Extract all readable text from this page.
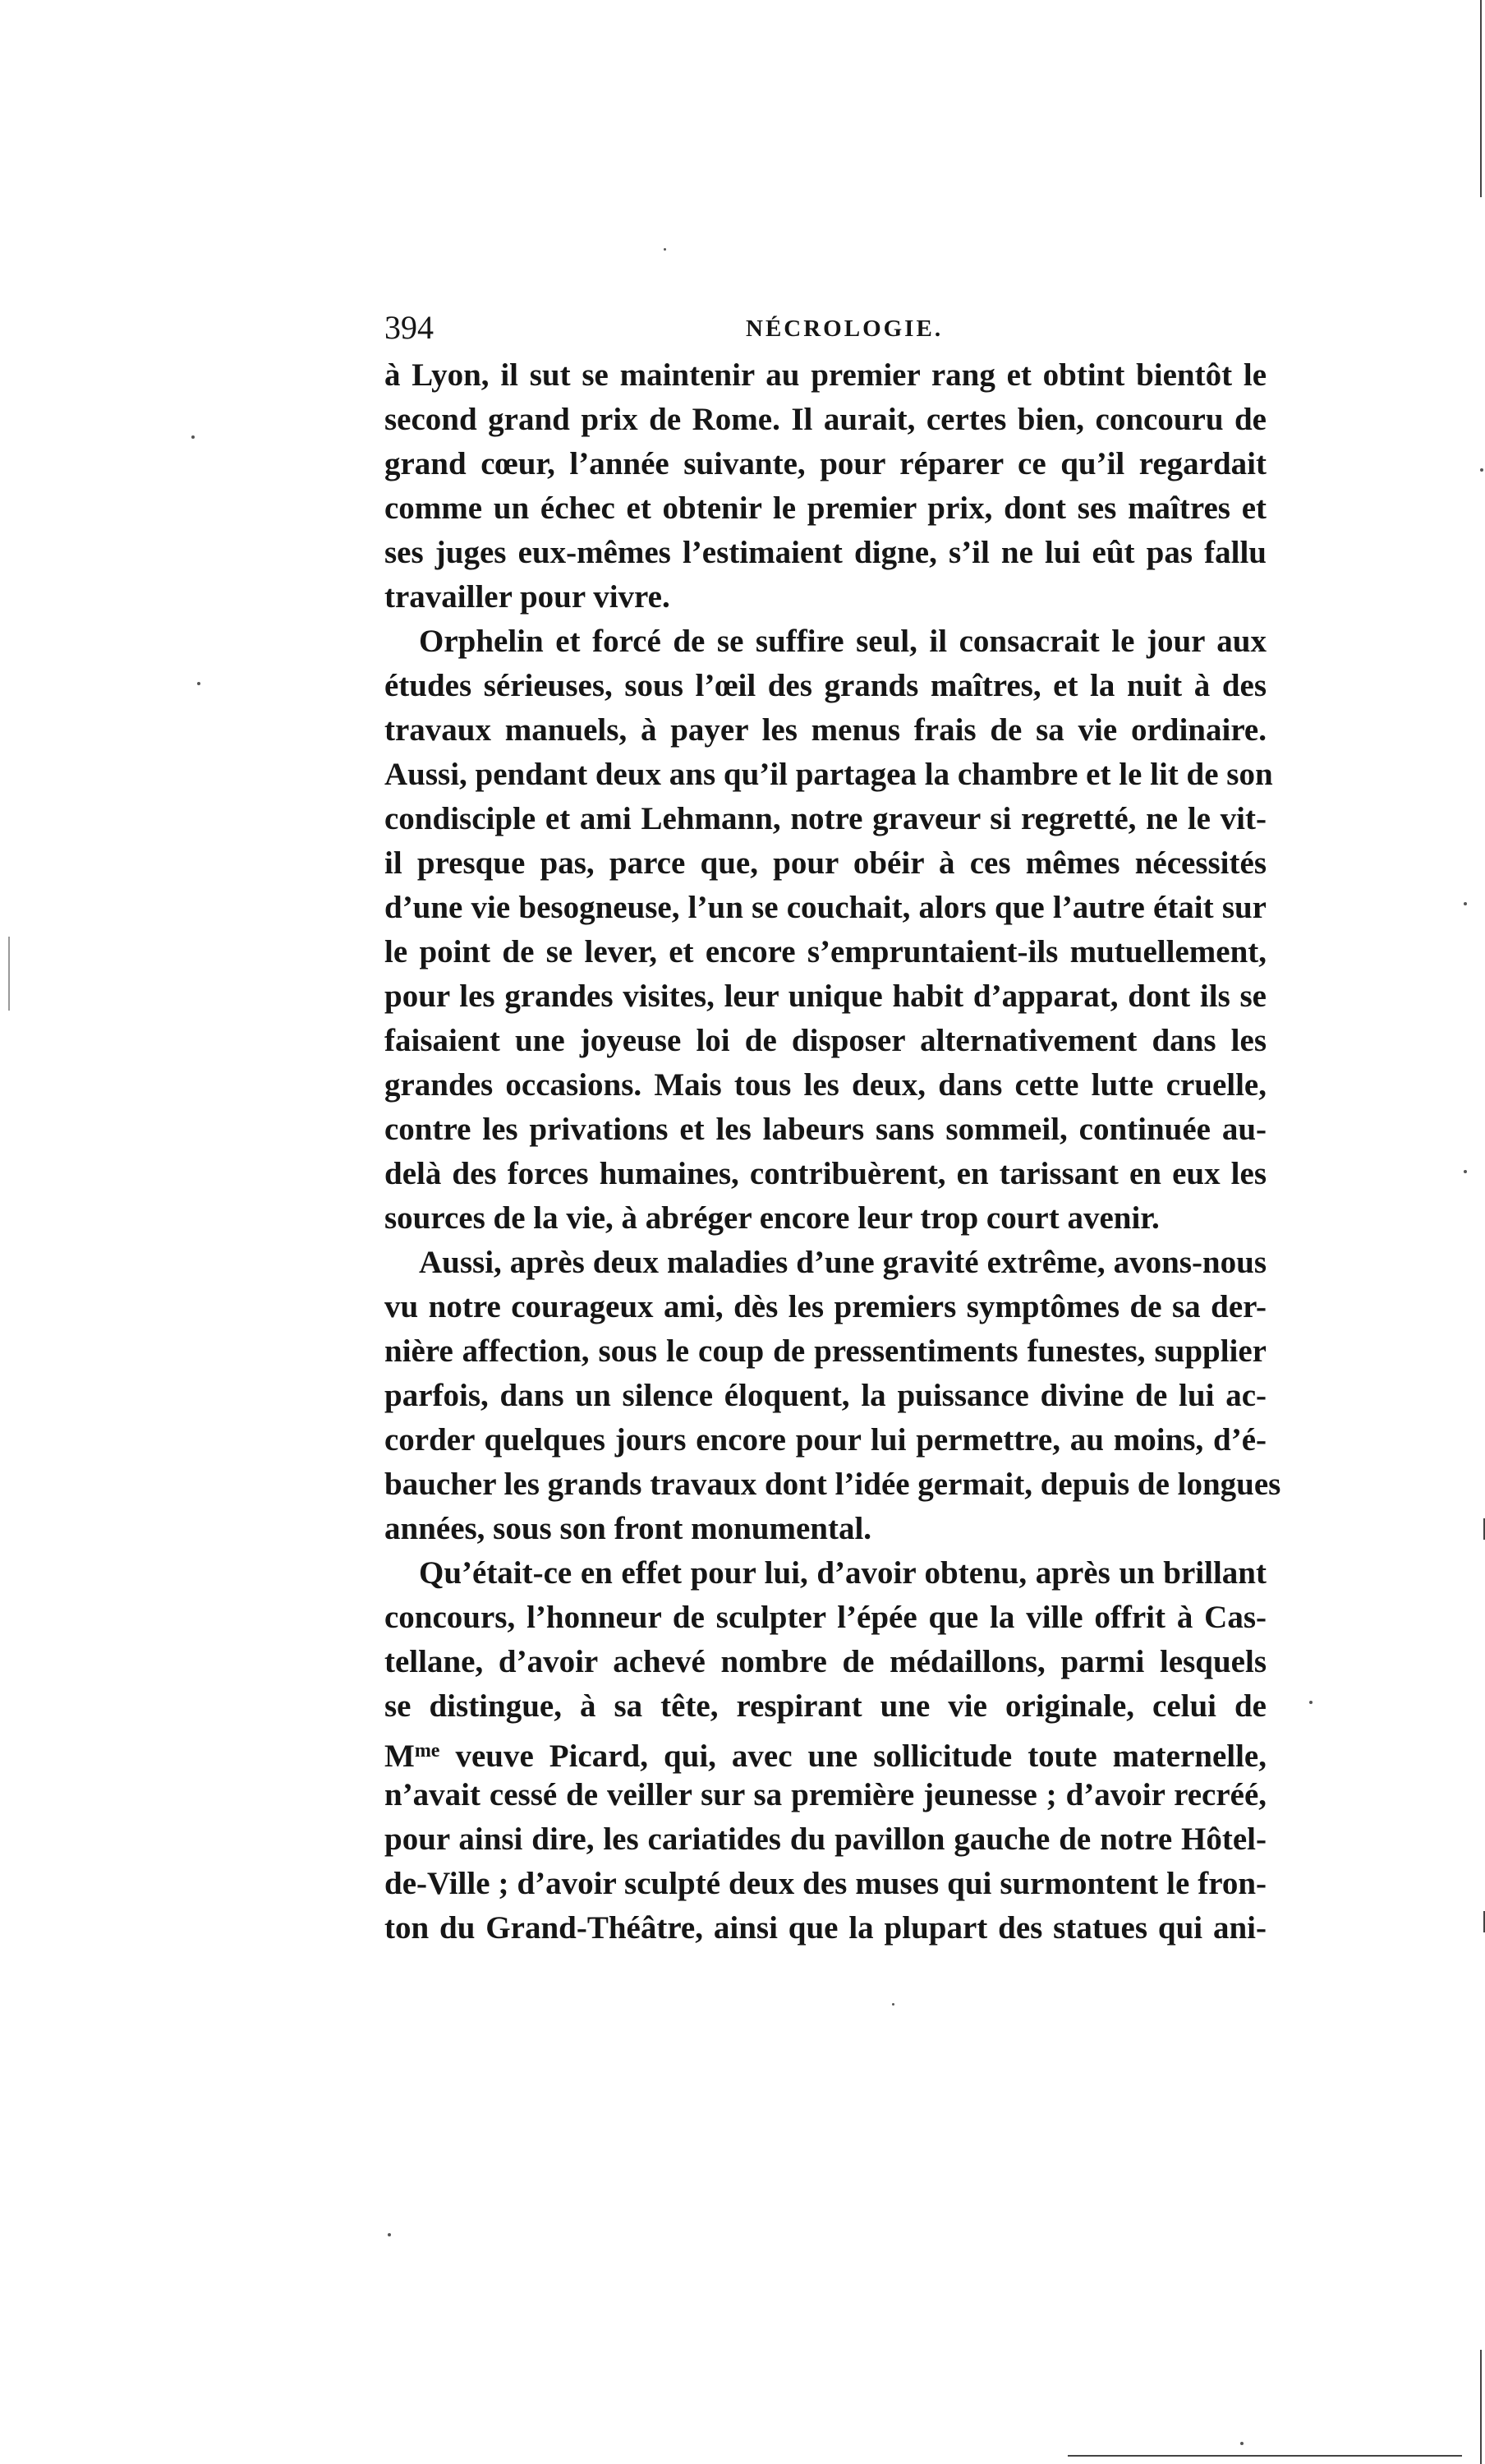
394	NÉCROLOGIE.

à Lyon, il sut se maintenir au premier rang et obtint bientôt le
second grand prix de Rome. Il aurait, certes bien, concouru de
grand cœur, l’année suivante, pour réparer ce qu’il regardait
comme un échec et obtenir le premier prix, dont ses maîtres et
ses juges eux-mêmes l’estimaient digne, s’il ne lui eût pas fallu
travailler pour vivre.

Orphelin et forcé de se suffire seul, il consacrait le jour aux
études sérieuses, sous l’œil des grands maîtres, et la nuit à des
travaux manuels, à payer les menus frais de sa vie ordinaire.
Aussi, pendant deux ans qu’il partagea la chambre et le lit de son
condisciple et ami Lehmann, notre graveur si regretté, ne le vit-
il presque pas, parce que, pour obéir à ces mêmes nécessités
d’une vie besogneuse, l’un se couchait, alors que l’autre était sur
le point de se lever, et encore s’empruntaient-ils mutuellement,
pour les grandes visites, leur unique habit d’apparat, dont ils se
faisaient une joyeuse loi de disposer alternativement dans les
grandes occasions. Mais tous les deux, dans cette lutte cruelle,
contre les privations et les labeurs sans sommeil, continuée au-
delà des forces humaines, contribuèrent, en tarissant en eux les
sources de la vie, à abréger encore leur trop court avenir.

Aussi, après deux maladies d’une gravité extrême, avons-nous
vu notre courageux ami, dès les premiers symptômes de sa der-
nière affection, sous le coup de pressentiments funestes, supplier
parfois, dans un silence éloquent, la puissance divine de lui ac-
corder quelques jours encore pour lui permettre, au moins, d’é-
baucher les grands travaux dont l’idée germait, depuis de longues
années, sous son front monumental.

Qu’était-ce en effet pour lui, d’avoir obtenu, après un brillant
concours, l’honneur de sculpter l’épée que la ville offrit à Cas-
tellane, d’avoir achevé nombre de médaillons, parmi lesquels
se distingue, à sa tête, respirant une vie originale, celui de
$M^{me}$ veuve Picard, qui, avec une sollicitude toute maternelle,
n’avait cessé de veiller sur sa première jeunesse ; d’avoir recréé,
pour ainsi dire, les cariatides du pavillon gauche de notre Hôtel-
de-Ville ; d’avoir sculpté deux des muses qui surmontent le fron-
ton du Grand-Théâtre, ainsi que la plupart des statues qui ani-
